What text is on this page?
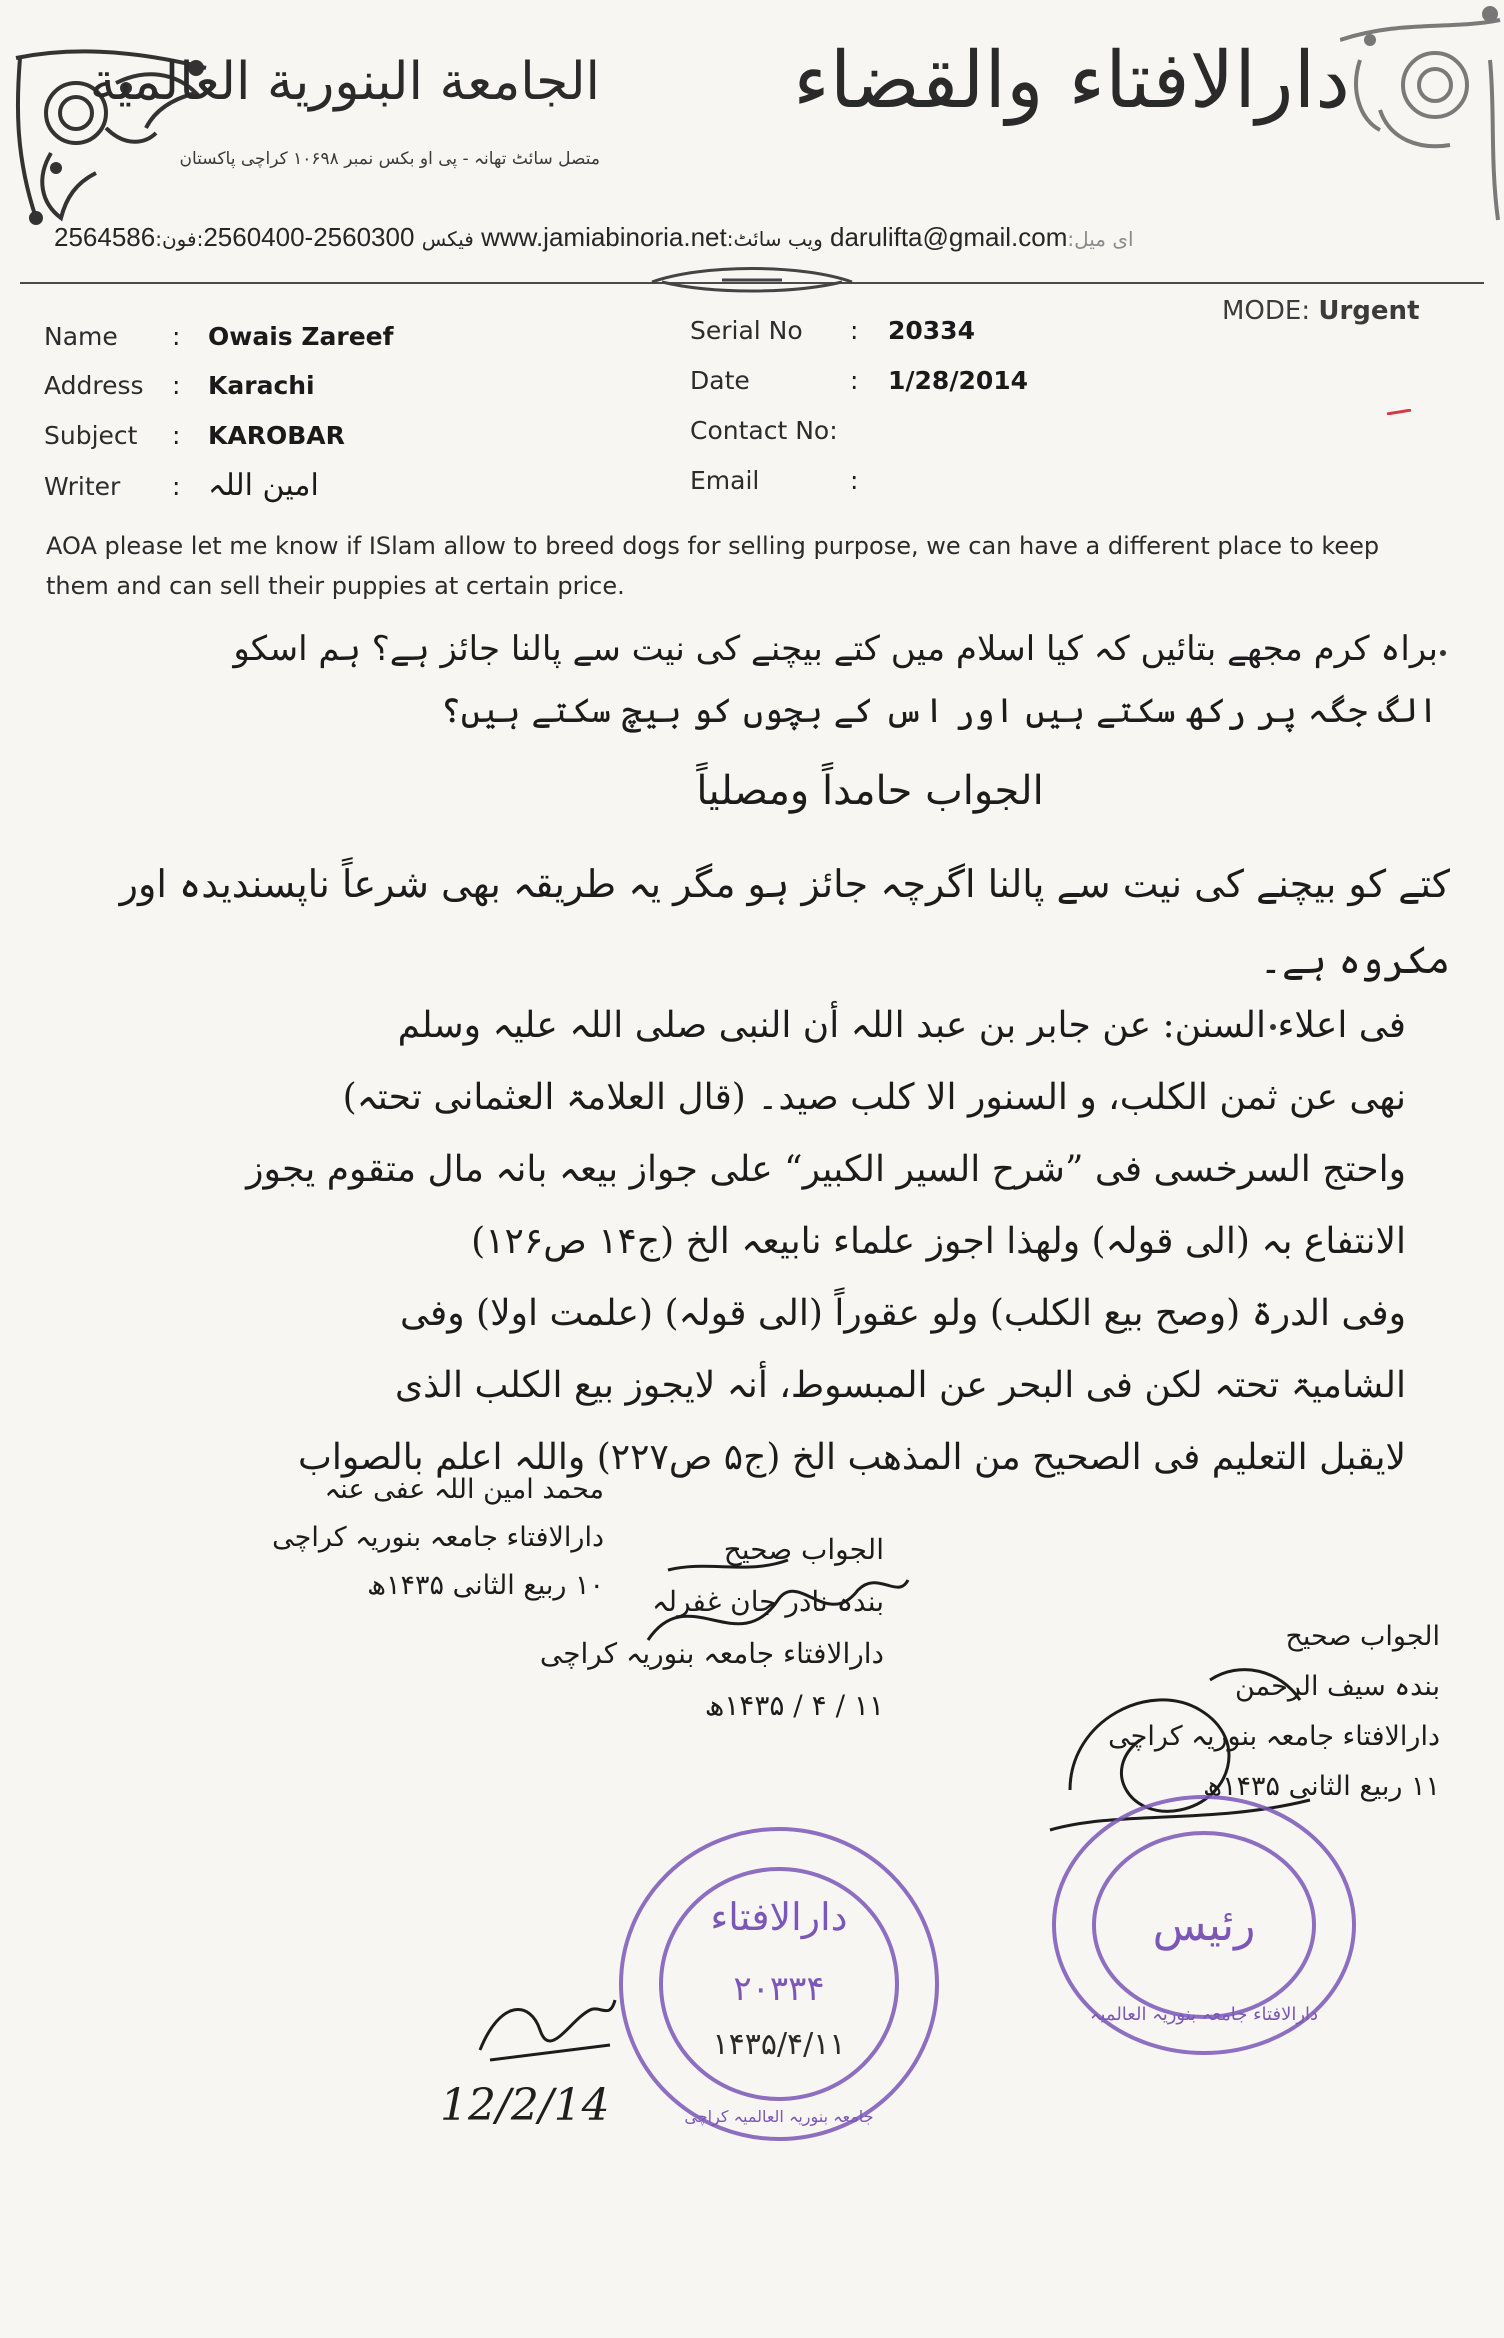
الجامعة البنورية العالمية
متصل سائٹ تھانہ - پی او بکس نمبر ۱۰۶۹۸ کراچی پاکستان
دارالافتاء والقضاء
2564586:فیکس 2560300-2560400:فون	www.jamiabinoria.net:ویب سائٹ darulifta@gmail.com:ای میل
MODE: Urgent
Name : Owais Zareef
Address : Karachi
Subject : KAROBAR
Writer : امین اللہ
Serial No : 20334
Date	: 1/28/2014
Contact No:
Email	:
AOA please let me know if ISlam allow to breed dogs for selling purpose, we can have a different place to keep them and can sell their puppies at certain price.
براہ کرم مجھے بتائیں کہ کیا اسلام میں کتے بیچنے کی نیت سے پالنا جائز ہے؟ ہم اسکو
الگ جگہ پر رکھ سکتے ہیں اور اس کے بچوں کو بیچ سکتے ہیں؟
الجواب حامداً ومصلیاً
کتے کو بیچنے کی نیت سے پالنا اگرچہ جائز ہو مگر یہ طریقہ بھی شرعاً ناپسندیدہ اور
مکروہ ہے۔
فی اعلاء السنن: عن جابر بن عبد اللہ أن النبی صلی اللہ علیہ وسلم
نھی عن ثمن الکلب، و السنور الا کلب صید۔ (قال العلامۃ العثمانی تحتہ)
واحتج السرخسی فی ”شرح السیر الکبیر“ علی جواز بیعہ بانہ مال متقوم یجوز
الانتفاع بہ (الی قولہ) ولھذا اجوز علماء نابیعہ الخ (ج۱۴ ص۱۲۶)
وفی الدرۃ (وصح بیع الکلب) ولو عقوراً (الی قولہ) (علمت اولا) وفی
الشامیۃ تحتہ لکن فی البحر عن المبسوط، أنہ لایجوز بیع الکلب الذی
لایقبل التعلیم فی الصحیح من المذھب الخ (ج۵ ص۲۲۷) واللہ اعلم بالصواب
محمد امین اللہ عفی عنہ
دارالافتاء جامعہ بنوریہ کراچی
۱۰ ربیع الثانی ۱۴۳۵ھ
الجواب صحیح
بندہ نادر جان غفرلہ
دارالافتاء جامعہ بنوریہ کراچی
۱۱ / ۴ / ۱۴۳۵ھ
الجواب صحیح
بندہ سیف الرحمن
دارالافتاء جامعہ بنوریہ کراچی
۱۱ ربیع الثانی ۱۴۳۵ھ
دارالافتاء
۲۰۳۳۴
۱۴۳۵/۴/۱۱
جامعہ بنوریہ العالمیہ کراچی
رئیس
دارالافتاء جامعہ بنوریہ العالمیہ
12/2/14
